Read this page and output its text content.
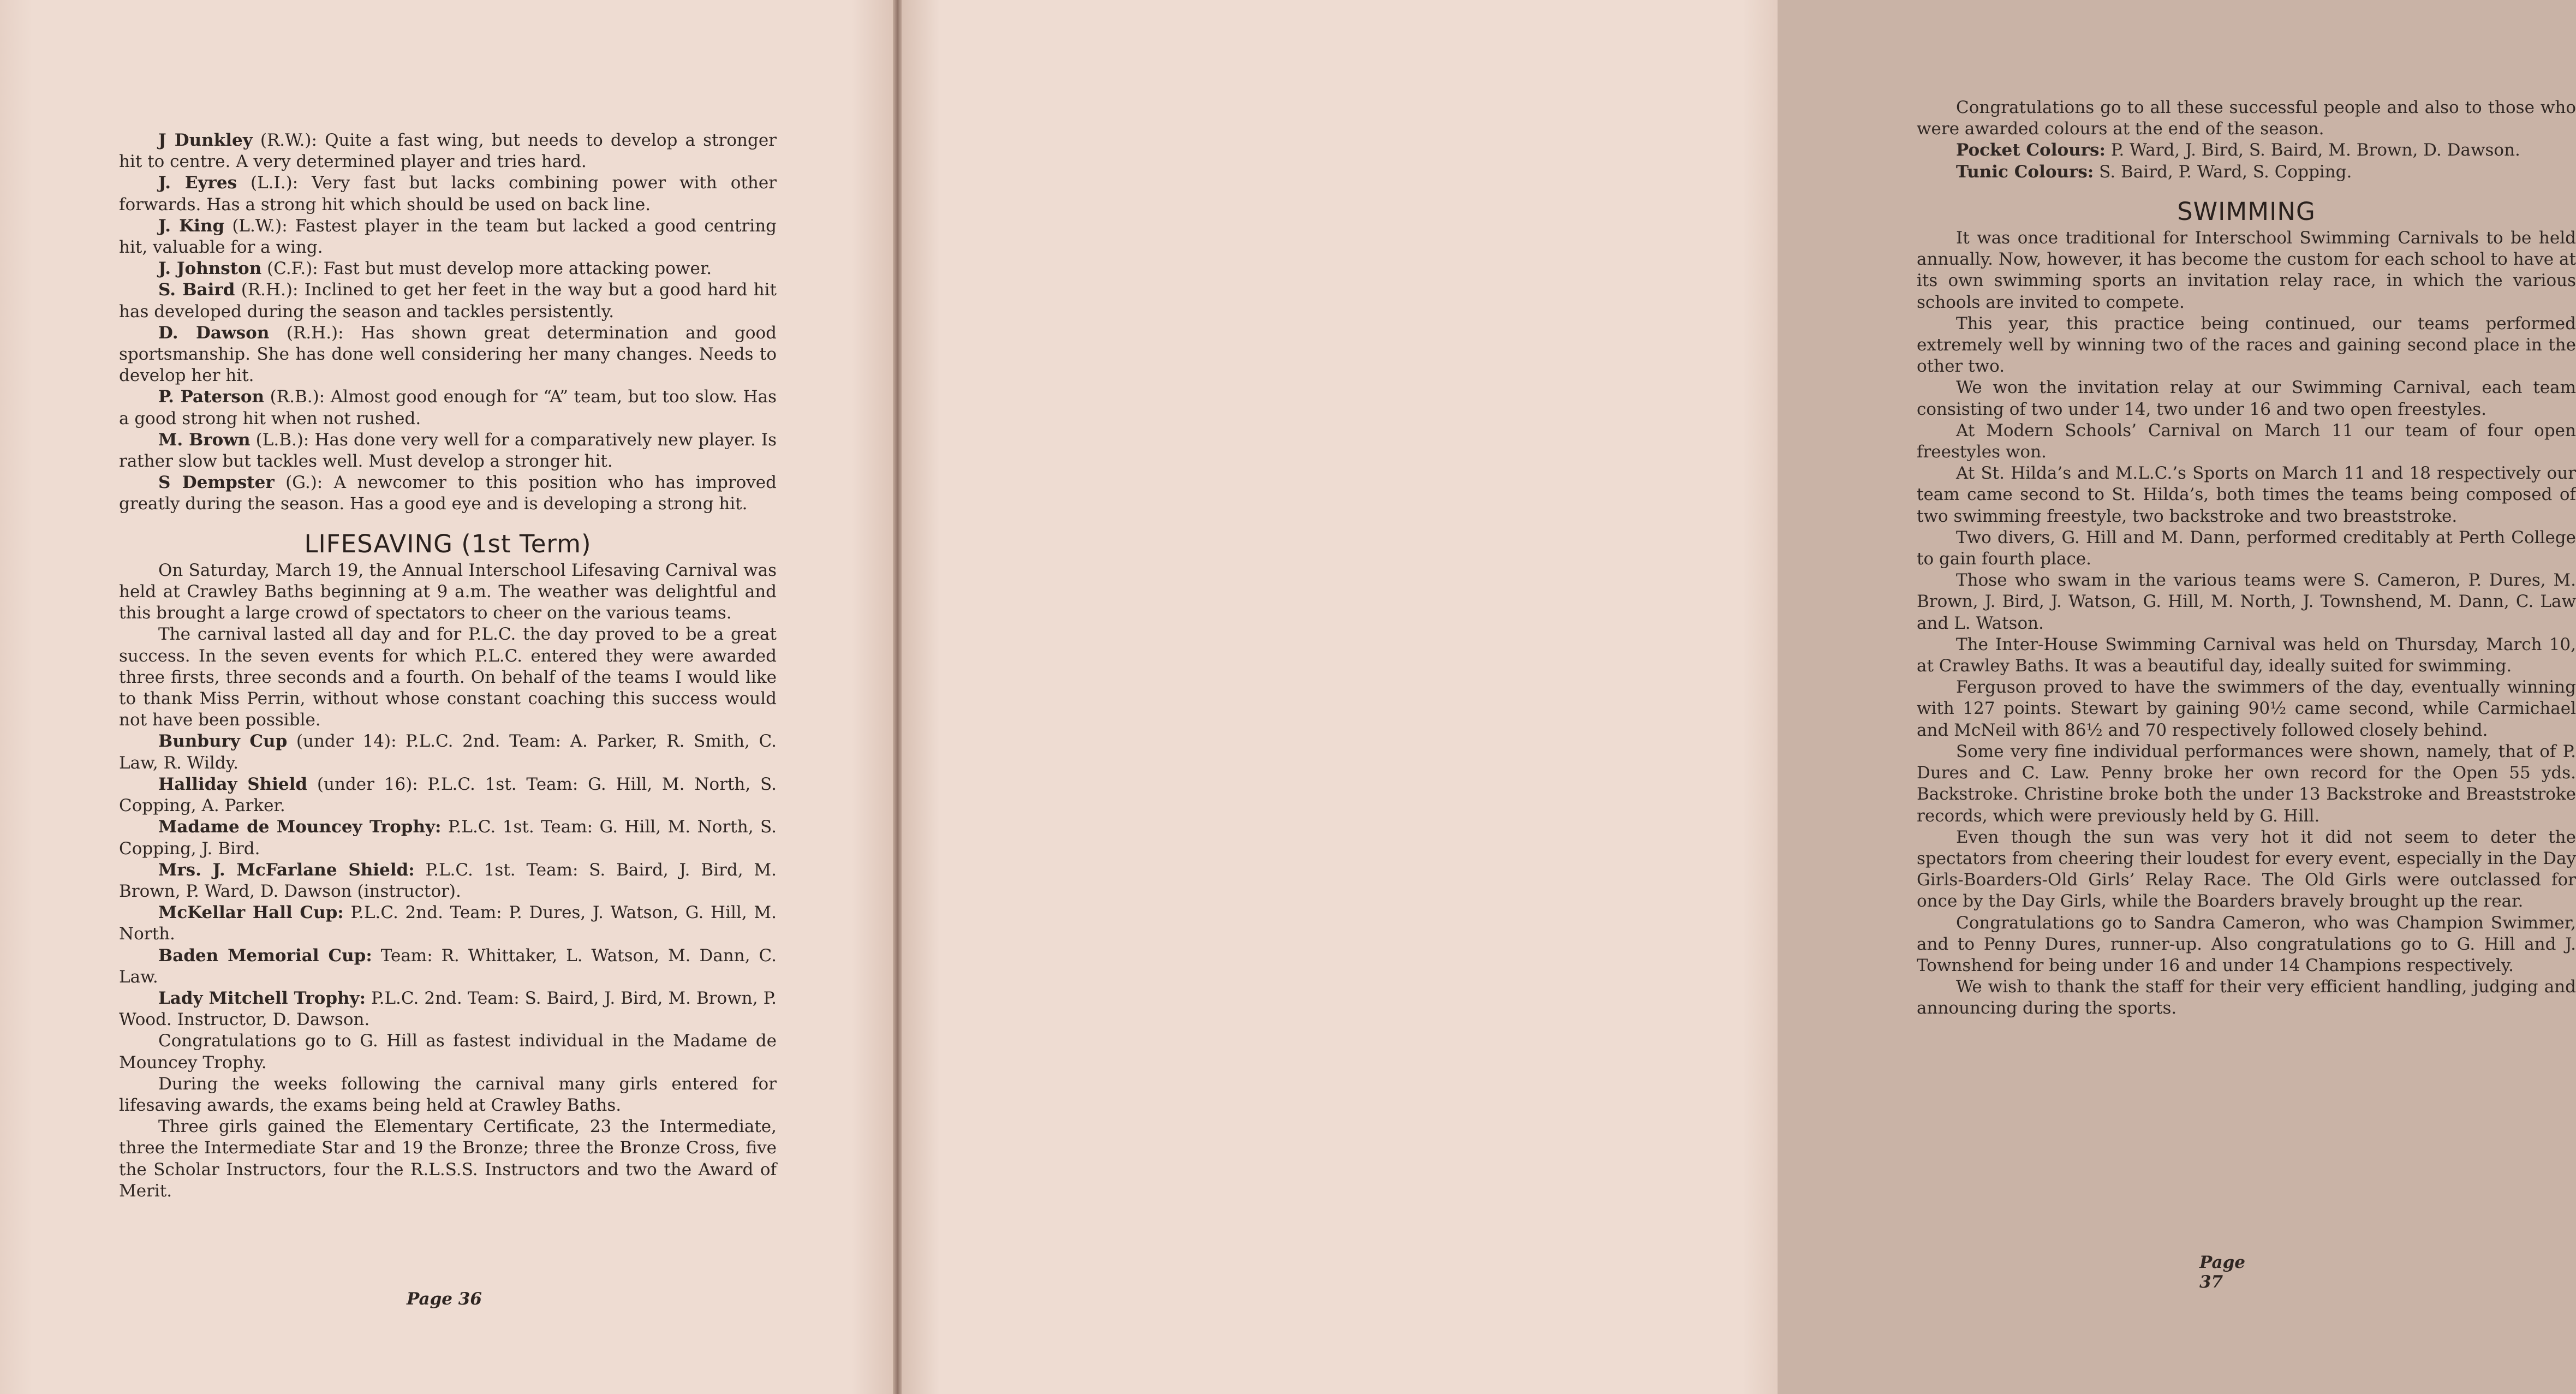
J Dunkley (R.W.): Quite a fast wing, but needs to develop a stronger hit to centre. A very determined player and tries hard.

J. Eyres (L.I.): Very fast but lacks combining power with other forwards. Has a strong hit which should be used on back line.

J. King (L.W.): Fastest player in the team but lacked a good centring hit, valuable for a wing.

J. Johnston (C.F.): Fast but must develop more attacking power.

S. Baird (R.H.): Inclined to get her feet in the way but a good hard hit has developed during the season and tackles persistently.

D. Dawson (R.H.): Has shown great determination and good sportsmanship. She has done well considering her many changes. Needs to develop her hit.

P. Paterson (R.B.): Almost good enough for “A” team, but too slow. Has a good strong hit when not rushed.

M. Brown (L.B.): Has done very well for a comparatively new player. Is rather slow but tackles well. Must develop a stronger hit.

S Dempster (G.): A newcomer to this position who has improved greatly during the season. Has a good eye and is developing a strong hit.

LIFESAVING (1st Term)

On Saturday, March 19, the Annual Interschool Lifesaving Carnival was held at Crawley Baths beginning at 9 a.m. The weather was delightful and this brought a large crowd of spectators to cheer on the various teams.

The carnival lasted all day and for P.L.C. the day proved to be a great success. In the seven events for which P.L.C. entered they were awarded three firsts, three seconds and a fourth. On behalf of the teams I would like to thank Miss Perrin, without whose constant coaching this success would not have been possible.

Bunbury Cup (under 14): P.L.C. 2nd. Team: A. Parker, R. Smith, C. Law, R. Wildy.

Halliday Shield (under 16): P.L.C. 1st. Team: G. Hill, M. North, S. Copping, A. Parker.

Madame de Mouncey Trophy: P.L.C. 1st. Team: G. Hill, M. North, S. Copping, J. Bird.

Mrs. J. McFarlane Shield: P.L.C. 1st. Team: S. Baird, J. Bird, M. Brown, P. Ward, D. Dawson (instructor).

McKellar Hall Cup: P.L.C. 2nd. Team: P. Dures, J. Watson, G. Hill, M. North.

Baden Memorial Cup: Team: R. Whittaker, L. Watson, M. Dann, C. Law.

Lady Mitchell Trophy: P.L.C. 2nd. Team: S. Baird, J. Bird, M. Brown, P. Wood. Instructor, D. Dawson.

Congratulations go to G. Hill as fastest individual in the Madame de Mouncey Trophy.

During the weeks following the carnival many girls entered for lifesaving awards, the exams being held at Crawley Baths.

Three girls gained the Elementary Certificate, 23 the Intermediate, three the Intermediate Star and 19 the Bronze; three the Bronze Cross, five the Scholar Instructors, four the R.L.S.S. Instructors and two the Award of Merit.

Page 36

Congratulations go to all these successful people and also to those who were awarded colours at the end of the season.

Pocket Colours: P. Ward, J. Bird, S. Baird, M. Brown, D. Dawson.

Tunic Colours: S. Baird, P. Ward, S. Copping.

SWIMMING

It was once traditional for Interschool Swimming Carnivals to be held annually. Now, however, it has become the custom for each school to have at its own swimming sports an invitation relay race, in which the various schools are invited to compete.

This year, this practice being continued, our teams performed extremely well by winning two of the races and gaining second place in the other two.

We won the invitation relay at our Swimming Carnival, each team consisting of two under 14, two under 16 and two open freestyles.

At Modern Schools’ Carnival on March 11 our team of four open freestyles won.

At St. Hilda’s and M.L.C.’s Sports on March 11 and 18 respectively our team came second to St. Hilda’s, both times the teams being composed of two swimming freestyle, two backstroke and two breaststroke.

Two divers, G. Hill and M. Dann, performed creditably at Perth College to gain fourth place.

Those who swam in the various teams were S. Cameron, P. Dures, M. Brown, J. Bird, J. Watson, G. Hill, M. North, J. Townshend, M. Dann, C. Law and L. Watson.

The Inter-House Swimming Carnival was held on Thursday, March 10, at Crawley Baths. It was a beautiful day, ideally suited for swimming.

Ferguson proved to have the swimmers of the day, eventually winning with 127 points. Stewart by gaining 90½ came second, while Carmichael and McNeil with 86½ and 70 respectively followed closely behind.

Some very fine individual performances were shown, namely, that of P. Dures and C. Law. Penny broke her own record for the Open 55 yds. Backstroke. Christine broke both the under 13 Backstroke and Breaststroke records, which were previously held by G. Hill.

Even though the sun was very hot it did not seem to deter the spectators from cheering their loudest for every event, especially in the Day Girls-Boarders-Old Girls’ Relay Race. The Old Girls were outclassed for once by the Day Girls, while the Boarders bravely brought up the rear.

Congratulations go to Sandra Cameron, who was Champion Swimmer, and to Penny Dures, runner-up. Also congratulations go to G. Hill and J. Townshend for being under 16 and under 14 Champions respectively.

We wish to thank the staff for their very efficient handling, judging and announcing during the sports.

Page 37
